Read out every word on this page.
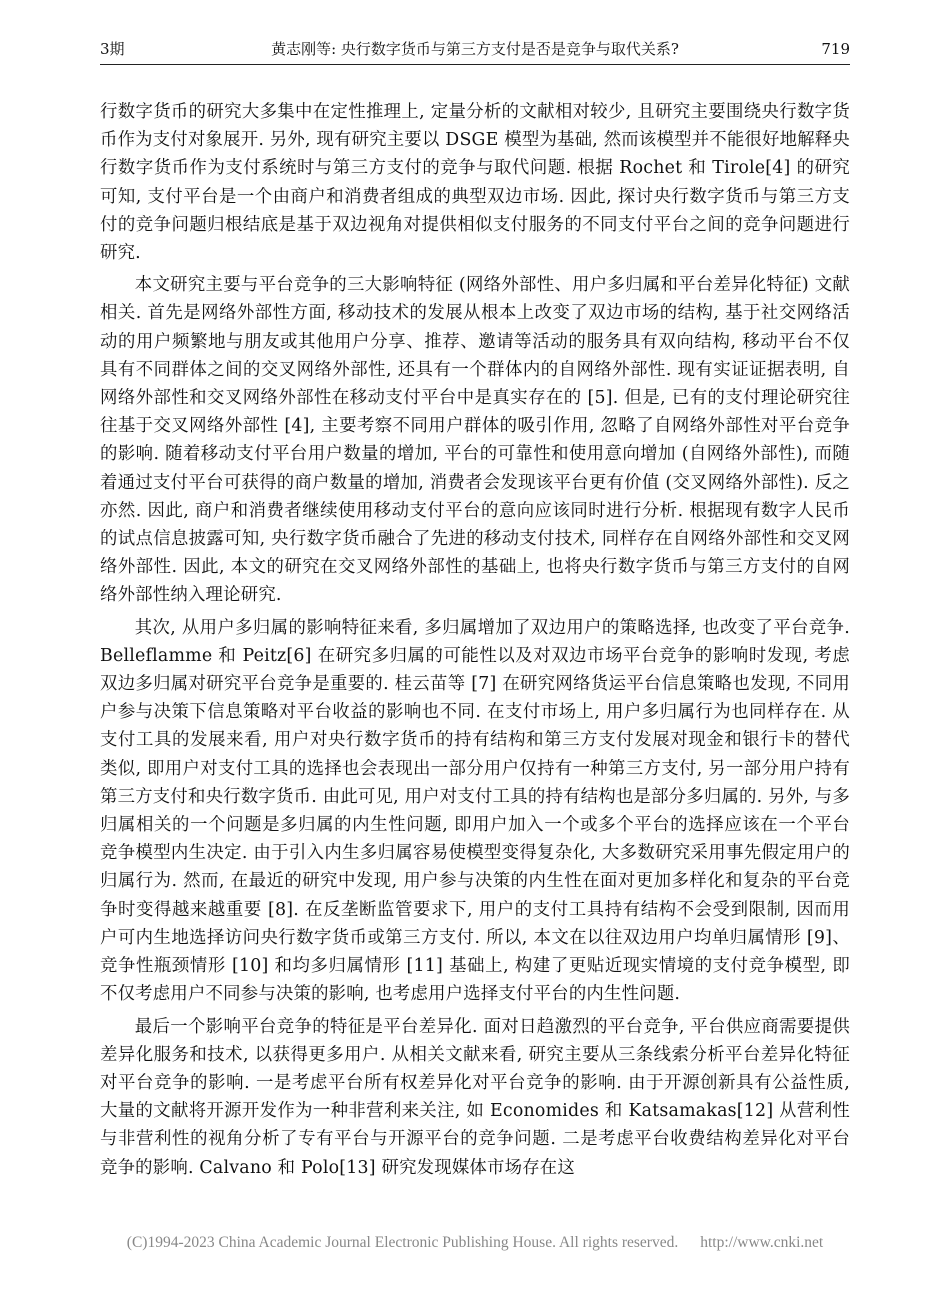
3期	黄志刚等: 央行数字货币与第三方支付是否是竞争与取代关系?	719

行数字货币的研究大多集中在定性推理上, 定量分析的文献相对较少, 且研究主要围绕央行数字货币作为支付对象展开. 另外, 现有研究主要以 DSGE 模型为基础, 然而该模型并不能很好地解释央行数字货币作为支付系统时与第三方支付的竞争与取代问题. 根据 Rochet 和 Tirole[4] 的研究可知, 支付平台是一个由商户和消费者组成的典型双边市场. 因此, 探讨央行数字货币与第三方支付的竞争问题归根结底是基于双边视角对提供相似支付服务的不同支付平台之间的竞争问题进行研究.

本文研究主要与平台竞争的三大影响特征 (网络外部性、用户多归属和平台差异化特征) 文献相关. 首先是网络外部性方面, 移动技术的发展从根本上改变了双边市场的结构, 基于社交网络活动的用户频繁地与朋友或其他用户分享、推荐、邀请等活动的服务具有双向结构, 移动平台不仅具有不同群体之间的交叉网络外部性, 还具有一个群体内的自网络外部性. 现有实证证据表明, 自网络外部性和交叉网络外部性在移动支付平台中是真实存在的 [5]. 但是, 已有的支付理论研究往往基于交叉网络外部性 [4], 主要考察不同用户群体的吸引作用, 忽略了自网络外部性对平台竞争的影响. 随着移动支付平台用户数量的增加, 平台的可靠性和使用意向增加 (自网络外部性), 而随着通过支付平台可获得的商户数量的增加, 消费者会发现该平台更有价值 (交叉网络外部性). 反之亦然. 因此, 商户和消费者继续使用移动支付平台的意向应该同时进行分析. 根据现有数字人民币的试点信息披露可知, 央行数字货币融合了先进的移动支付技术, 同样存在自网络外部性和交叉网络外部性. 因此, 本文的研究在交叉网络外部性的基础上, 也将央行数字货币与第三方支付的自网络外部性纳入理论研究.

其次, 从用户多归属的影响特征来看, 多归属增加了双边用户的策略选择, 也改变了平台竞争. Belleflamme 和 Peitz[6] 在研究多归属的可能性以及对双边市场平台竞争的影响时发现, 考虑双边多归属对研究平台竞争是重要的. 桂云苗等 [7] 在研究网络货运平台信息策略也发现, 不同用户参与决策下信息策略对平台收益的影响也不同. 在支付市场上, 用户多归属行为也同样存在. 从支付工具的发展来看, 用户对央行数字货币的持有结构和第三方支付发展对现金和银行卡的替代类似, 即用户对支付工具的选择也会表现出一部分用户仅持有一种第三方支付, 另一部分用户持有第三方支付和央行数字货币. 由此可见, 用户对支付工具的持有结构也是部分多归属的. 另外, 与多归属相关的一个问题是多归属的内生性问题, 即用户加入一个或多个平台的选择应该在一个平台竞争模型内生决定. 由于引入内生多归属容易使模型变得复杂化, 大多数研究采用事先假定用户的归属行为. 然而, 在最近的研究中发现, 用户参与决策的内生性在面对更加多样化和复杂的平台竞争时变得越来越重要 [8]. 在反垄断监管要求下, 用户的支付工具持有结构不会受到限制, 因而用户可内生地选择访问央行数字货币或第三方支付. 所以, 本文在以往双边用户均单归属情形 [9]、竞争性瓶颈情形 [10] 和均多归属情形 [11] 基础上, 构建了更贴近现实情境的支付竞争模型, 即不仅考虑用户不同参与决策的影响, 也考虑用户选择支付平台的内生性问题.

最后一个影响平台竞争的特征是平台差异化. 面对日趋激烈的平台竞争, 平台供应商需要提供差异化服务和技术, 以获得更多用户. 从相关文献来看, 研究主要从三条线索分析平台差异化特征对平台竞争的影响. 一是考虑平台所有权差异化对平台竞争的影响. 由于开源创新具有公益性质, 大量的文献将开源开发作为一种非营利来关注, 如 Economides 和 Katsamakas[12] 从营利性与非营利性的视角分析了专有平台与开源平台的竞争问题. 二是考虑平台收费结构差异化对平台竞争的影响. Calvano 和 Polo[13] 研究发现媒体市场存在这

(C)1994-2023 China Academic Journal Electronic Publishing House. All rights reserved. http://www.cnki.net
